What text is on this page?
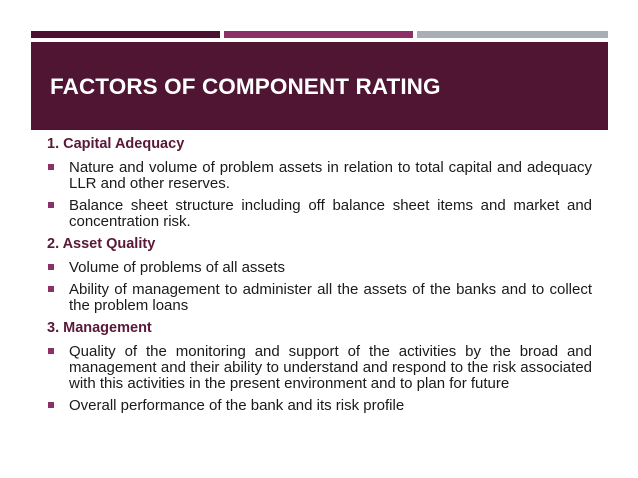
FACTORS OF COMPONENT RATING
1. Capital Adequacy
Nature and volume of problem assets in relation to total capital and adequacy LLR and other reserves.
Balance sheet structure including off balance sheet items and market and concentration risk.
2. Asset Quality
Volume of problems of all assets
Ability of management to administer all the assets of the banks and to collect the problem loans
3. Management
Quality of the monitoring and support of the activities by the broad and management and their ability to understand and respond to the risk associated with this activities in the present environment and to plan for future
Overall performance of the bank and its risk profile
